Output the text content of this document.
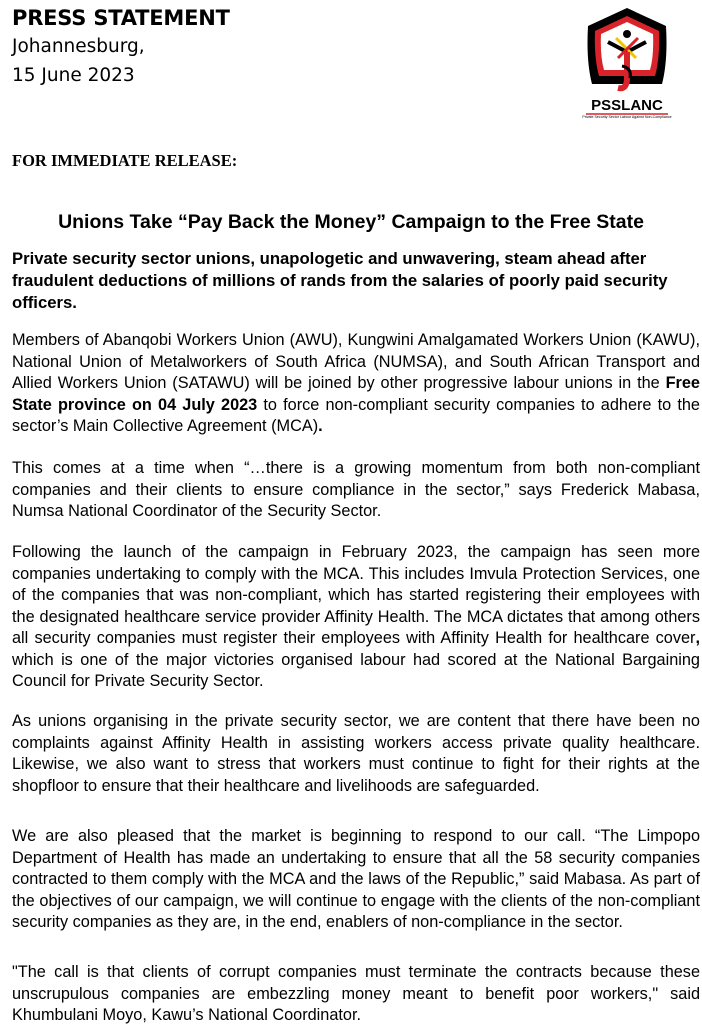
PRESS STATEMENT
Johannesburg,
15 June 2023
PSSLANC
Private Security Sector Labour Against Non-Compliance
FOR IMMEDIATE RELEASE:
Unions Take “Pay Back the Money” Campaign to the Free State
Private security sector unions, unapologetic and unwavering, steam ahead after fraudulent deductions of millions of rands from the salaries of poorly paid security officers.
Members of Abanqobi Workers Union (AWU), Kungwini Amalgamated Workers Union (KAWU), National Union of Metalworkers of South Africa (NUMSA), and South African Transport and Allied Workers Union (SATAWU) will be joined by other progressive labour unions in the Free State province on 04 July 2023 to force non-compliant security companies to adhere to the sector’s Main Collective Agreement (MCA).
This comes at a time when “…there is a growing momentum from both non-compliant companies and their clients to ensure compliance in the sector,” says Frederick Mabasa, Numsa National Coordinator of the Security Sector.
Following the launch of the campaign in February 2023, the campaign has seen more companies undertaking to comply with the MCA. This includes Imvula Protection Services, one of the companies that was non-compliant, which has started registering their employees with the designated healthcare service provider Affinity Health. The MCA dictates that among others all security companies must register their employees with Affinity Health for healthcare cover, which is one of the major victories organised labour had scored at the National Bargaining Council for Private Security Sector.
As unions organising in the private security sector, we are content that there have been no complaints against Affinity Health in assisting workers access private quality healthcare. Likewise, we also want to stress that workers must continue to fight for their rights at the shopfloor to ensure that their healthcare and livelihoods are safeguarded.
We are also pleased that the market is beginning to respond to our call. “The Limpopo Department of Health has made an undertaking to ensure that all the 58 security companies contracted to them comply with the MCA and the laws of the Republic,” said Mabasa. As part of the objectives of our campaign, we will continue to engage with the clients of the non-compliant security companies as they are, in the end, enablers of non-compliance in the sector.
"The call is that clients of corrupt companies must terminate the contracts because these unscrupulous companies are embezzling money meant to benefit poor workers," said Khumbulani Moyo, Kawu’s National Coordinator.
